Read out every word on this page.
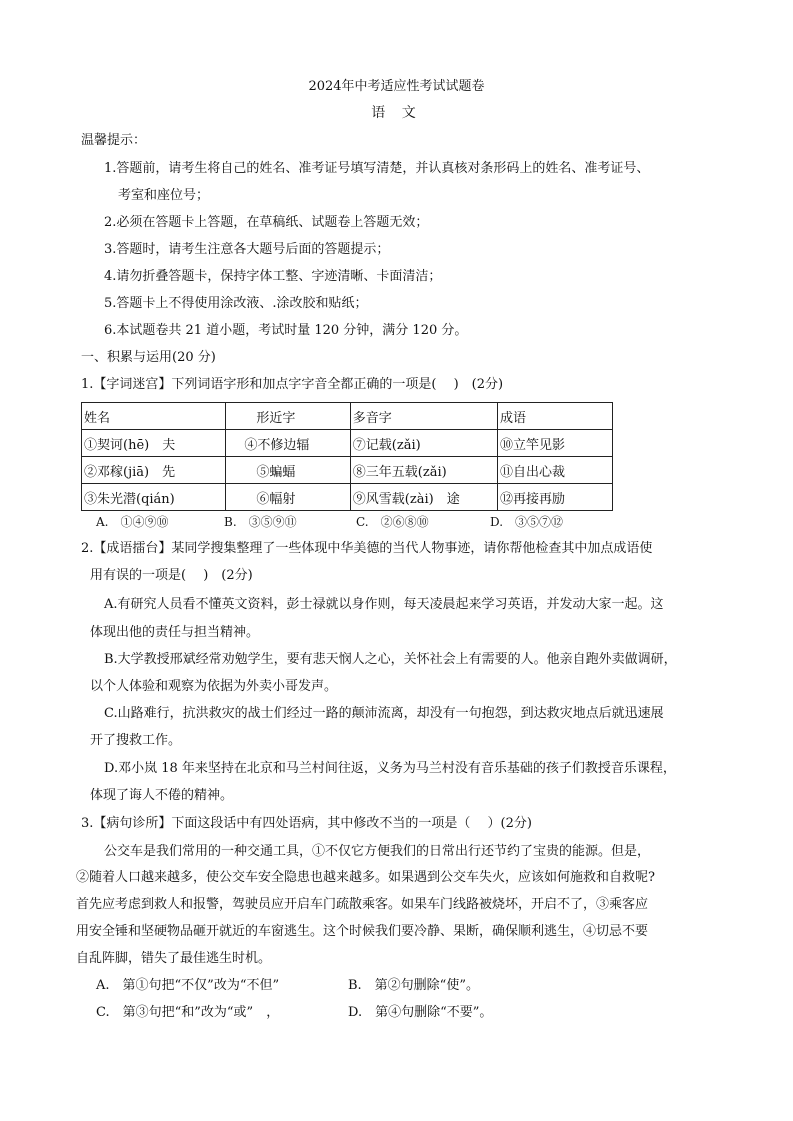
2024年中考适应性考试试题卷
语 文
温馨提示：
1.答题前，请考生将自己的姓名、准考证号填写清楚，并认真核对条形码上的姓名、准考证号、
考室和座位号；
2.必须在答题卡上答题，在草稿纸、试题卷上答题无效；
3.答题时，请考生注意各大题号后面的答题提示；
4.请勿折叠答题卡，保持字体工整、字迹清晰、卡面清洁；
5.答题卡上不得使用涂改液、.涂改胶和贴纸；
6.本试题卷共 21 道小题，考试时量 120 分钟，满分 120 分。
一、积累与运用(20 分)
1.【字词迷宫】下列词语字形和加点字字音全都正确的一项是(　 )　(2分)
姓名	形近字	多音字	成语
①契诃(hē)　夫	④不修边辐	⑦记载(zǎi)	⑩立竿见影
②邓稼(jiā)　先	⑤蝙蝠	⑧三年五载(zǎi)	⑪自出心裁
③朱光潜(qián)	⑥幅射	⑨风雪载(zài)　途	⑫再接再励
A.　①④⑨⑩	B.　③⑤⑨⑪	C.　②⑥⑧⑩	D.　③⑤⑦⑫
2.【成语擂台】某同学搜集整理了一些体现中华美德的当代人物事迹，请你帮他检查其中加点成语使
用有误的一项是(　 )　(2分)
A.有研究人员看不懂英文资料，彭士禄就以身作则，每天凌晨起来学习英语，并发动大家一起。这
体现出他的责任与担当精神。
B.大学教授邢斌经常劝勉学生，要有悲天悯人之心，关怀社会上有需要的人。他亲自跑外卖做调研，
以个人体验和观察为依据为外卖小哥发声。
C.山路难行，抗洪救灾的战士们经过一路的颠沛流离，却没有一句抱怨，到达救灾地点后就迅速展
开了搜救工作。
D.邓小岚 18 年来坚持在北京和马兰村间往返，义务为马兰村没有音乐基础的孩子们教授音乐课程，
体现了诲人不倦的精神。
3.【病句诊所】下面这段话中有四处语病，其中修改不当的一项是（　 ）(2分)
公交车是我们常用的一种交通工具，①不仅它方便我们的日常出行还节约了宝贵的能源。但是，
②随着人口越来越多，使公交车安全隐患也越来越多。如果遇到公交车失火，应该如何施救和自救呢?
首先应考虑到救人和报警，驾驶员应开启车门疏散乘客。如果车门线路被烧坏，开启不了，③乘客应
用安全锤和坚硬物品砸开就近的车窗逃生。这个时候我们要冷静、果断，确保顺利逃生，④切忌不要
自乱阵脚，错失了最佳逃生时机。
A.　第①句把“不仅”改为“不但”	B.　第②句删除“使”。
C.　第③句把“和”改为“或”　，	D.　第④句删除“不要”。
